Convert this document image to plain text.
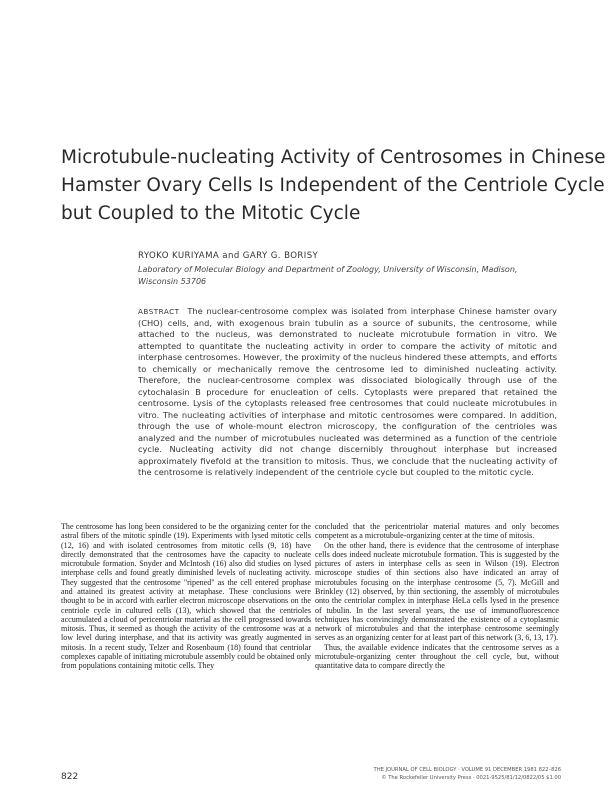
Microtubule-nucleating Activity of Centrosomes in Chinese
Hamster Ovary Cells Is Independent of the Centriole Cycle
but Coupled to the Mitotic Cycle
RYOKO KURIYAMA and GARY G. BORISY
Laboratory of Molecular Biology and Department of Zoology, University of Wisconsin, Madison, Wisconsin 53706

ABSTRACT The nuclear-centrosome complex was isolated from interphase Chinese hamster ovary (CHO) cells, and, with exogenous brain tubulin as a source of subunits, the centrosome, while attached to the nucleus, was demonstrated to nucleate microtubule formation in vitro. We attempted to quantitate the nucleating activity in order to compare the activity of mitotic and interphase centrosomes. However, the proximity of the nucleus hindered these attempts, and efforts to chemically or mechanically remove the centrosome led to diminished nucleating activity. Therefore, the nuclear-centrosome complex was dissociated biologically through use of the cytochalasin B procedure for enucleation of cells. Cytoplasts were prepared that retained the centrosome. Lysis of the cytoplasts released free centrosomes that could nucleate microtubules in vitro. The nucleating activities of interphase and mitotic centrosomes were compared. In addition, through the use of whole-mount electron microscopy, the configuration of the centrioles was analyzed and the number of microtubules nucleated was determined as a function of the centriole cycle. Nucleating activity did not change discernibly throughout interphase but increased approximately fivefold at the transition to mitosis. Thus, we conclude that the nucleating activity of the centrosome is relatively independent of the centriole cycle but coupled to the mitotic cycle.

The centrosome has long been considered to be the organizing center for the astral fibers of the mitotic spindle (19). Experiments with lysed mitotic cells (12, 16) and with isolated centrosomes from mitotic cells (9, 18) have directly demonstrated that the centrosomes have the capacity to nucleate microtubule formation. Snyder and McIntosh (16) also did studies on lysed interphase cells and found greatly diminished levels of nucleating activity. They suggested that the centrosome "ripened" as the cell entered prophase and attained its greatest activity at metaphase. These conclusions were thought to be in accord with earlier electron microscope observations on the centriole cycle in cultured cells (13), which showed that the centrioles accumulated a cloud of pericentriolar material as the cell progressed towards mitosis. Thus, it seemed as though the activity of the centrosome was at a low level during interphase, and that its activity was greatly augmented in mitosis. In a recent study, Telzer and Rosenbaum (18) found that centriolar complexes capable of initiating microtubule assembly could be obtained only from populations containing mitotic cells. They

concluded that the pericentriolar material matures and only becomes competent as a microtubule-organizing center at the time of mitosis.

On the other hand, there is evidence that the centrosome of interphase cells does indeed nucleate microtubule formation. This is suggested by the pictures of asters in interphase cells as seen in Wilson (19). Electron microscope studies of thin sections also have indicated an array of microtubules focusing on the interphase centrosome (5, 7). McGill and Brinkley (12) observed, by thin sectioning, the assembly of microtubules onto the centriolar complex in interphase HeLa cells lysed in the presence of tubulin. In the last several years, the use of immunofluorescence techniques has convincingly demonstrated the existence of a cytoplasmic network of microtubules and that the interphase centrosome seemingly serves as an organizing center for at least part of this network (3, 6, 13, 17).

Thus, the available evidence indicates that the centrosome serves as a microtubule-organizing center throughout the cell cycle, but, without quantitative data to compare directly the

822
THE JOURNAL OF CELL BIOLOGY · VOLUME 91 DECEMBER 1981 822–826
© The Rockefeller University Press · 0021-9525/81/12/0822/05 $1.00
